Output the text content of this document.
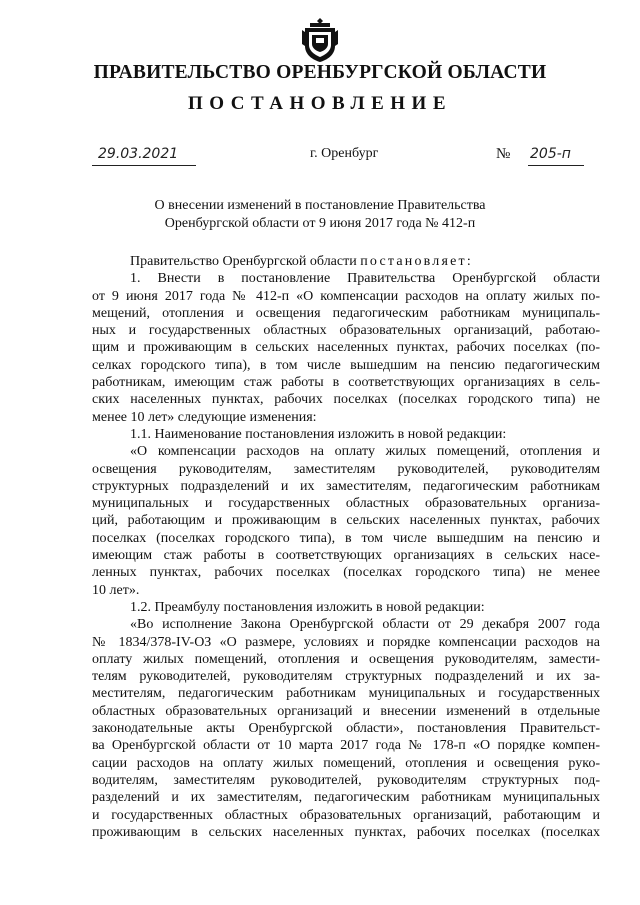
ПРАВИТЕЛЬСТВО ОРЕНБУРГСКОЙ ОБЛАСТИ
ПОСТАНОВЛЕНИЕ
29.03.2021	г. Оренбург	№ 205-п
О внесении изменений в постановление Правительства
Оренбургской области от 9 июня 2017 года № 412-п

Правительство Оренбургской области постановляет:

1. Внести в постановление Правительства Оренбургской области

от 9 июня 2017 года № 412-п «О компенсации расходов на оплату жилых по-

мещений, отопления и освещения педагогическим работникам муниципаль-

ных и государственных областных образовательных организаций, работаю-

щим и проживающим в сельских населенных пунктах, рабочих поселках (по-

селках городского типа), в том числе вышедшим на пенсию педагогическим

работникам, имеющим стаж работы в соответствующих организациях в сель-

ских населенных пунктах, рабочих поселках (поселках городского типа) не

менее 10 лет» следующие изменения:

1.1. Наименование постановления изложить в новой редакции:

«О компенсации расходов на оплату жилых помещений, отопления и

освещения руководителям, заместителям руководителей, руководителям

структурных подразделений и их заместителям, педагогическим работникам

муниципальных и государственных областных образовательных организа-

ций, работающим и проживающим в сельских населенных пунктах, рабочих

поселках (поселках городского типа), в том числе вышедшим на пенсию и

имеющим стаж работы в соответствующих организациях в сельских насе-

ленных пунктах, рабочих поселках (поселках городского типа) не менее

10 лет».

1.2. Преамбулу постановления изложить в новой редакции:

«Во исполнение Закона Оренбургской области от 29 декабря 2007 года

№ 1834/378-IV-ОЗ «О размере, условиях и порядке компенсации расходов на

оплату жилых помещений, отопления и освещения руководителям, замести-

телям руководителей, руководителям структурных подразделений и их за-

местителям, педагогическим работникам муниципальных и государственных

областных образовательных организаций и внесении изменений в отдельные

законодательные акты Оренбургской области», постановления Правительст-

ва Оренбургской области от 10 марта 2017 года № 178-п «О порядке компен-

сации расходов на оплату жилых помещений, отопления и освещения руко-

водителям, заместителям руководителей, руководителям структурных под-

разделений и их заместителям, педагогическим работникам муниципальных

и государственных областных образовательных организаций, работающим и

проживающим в сельских населенных пунктах, рабочих поселках (поселках
